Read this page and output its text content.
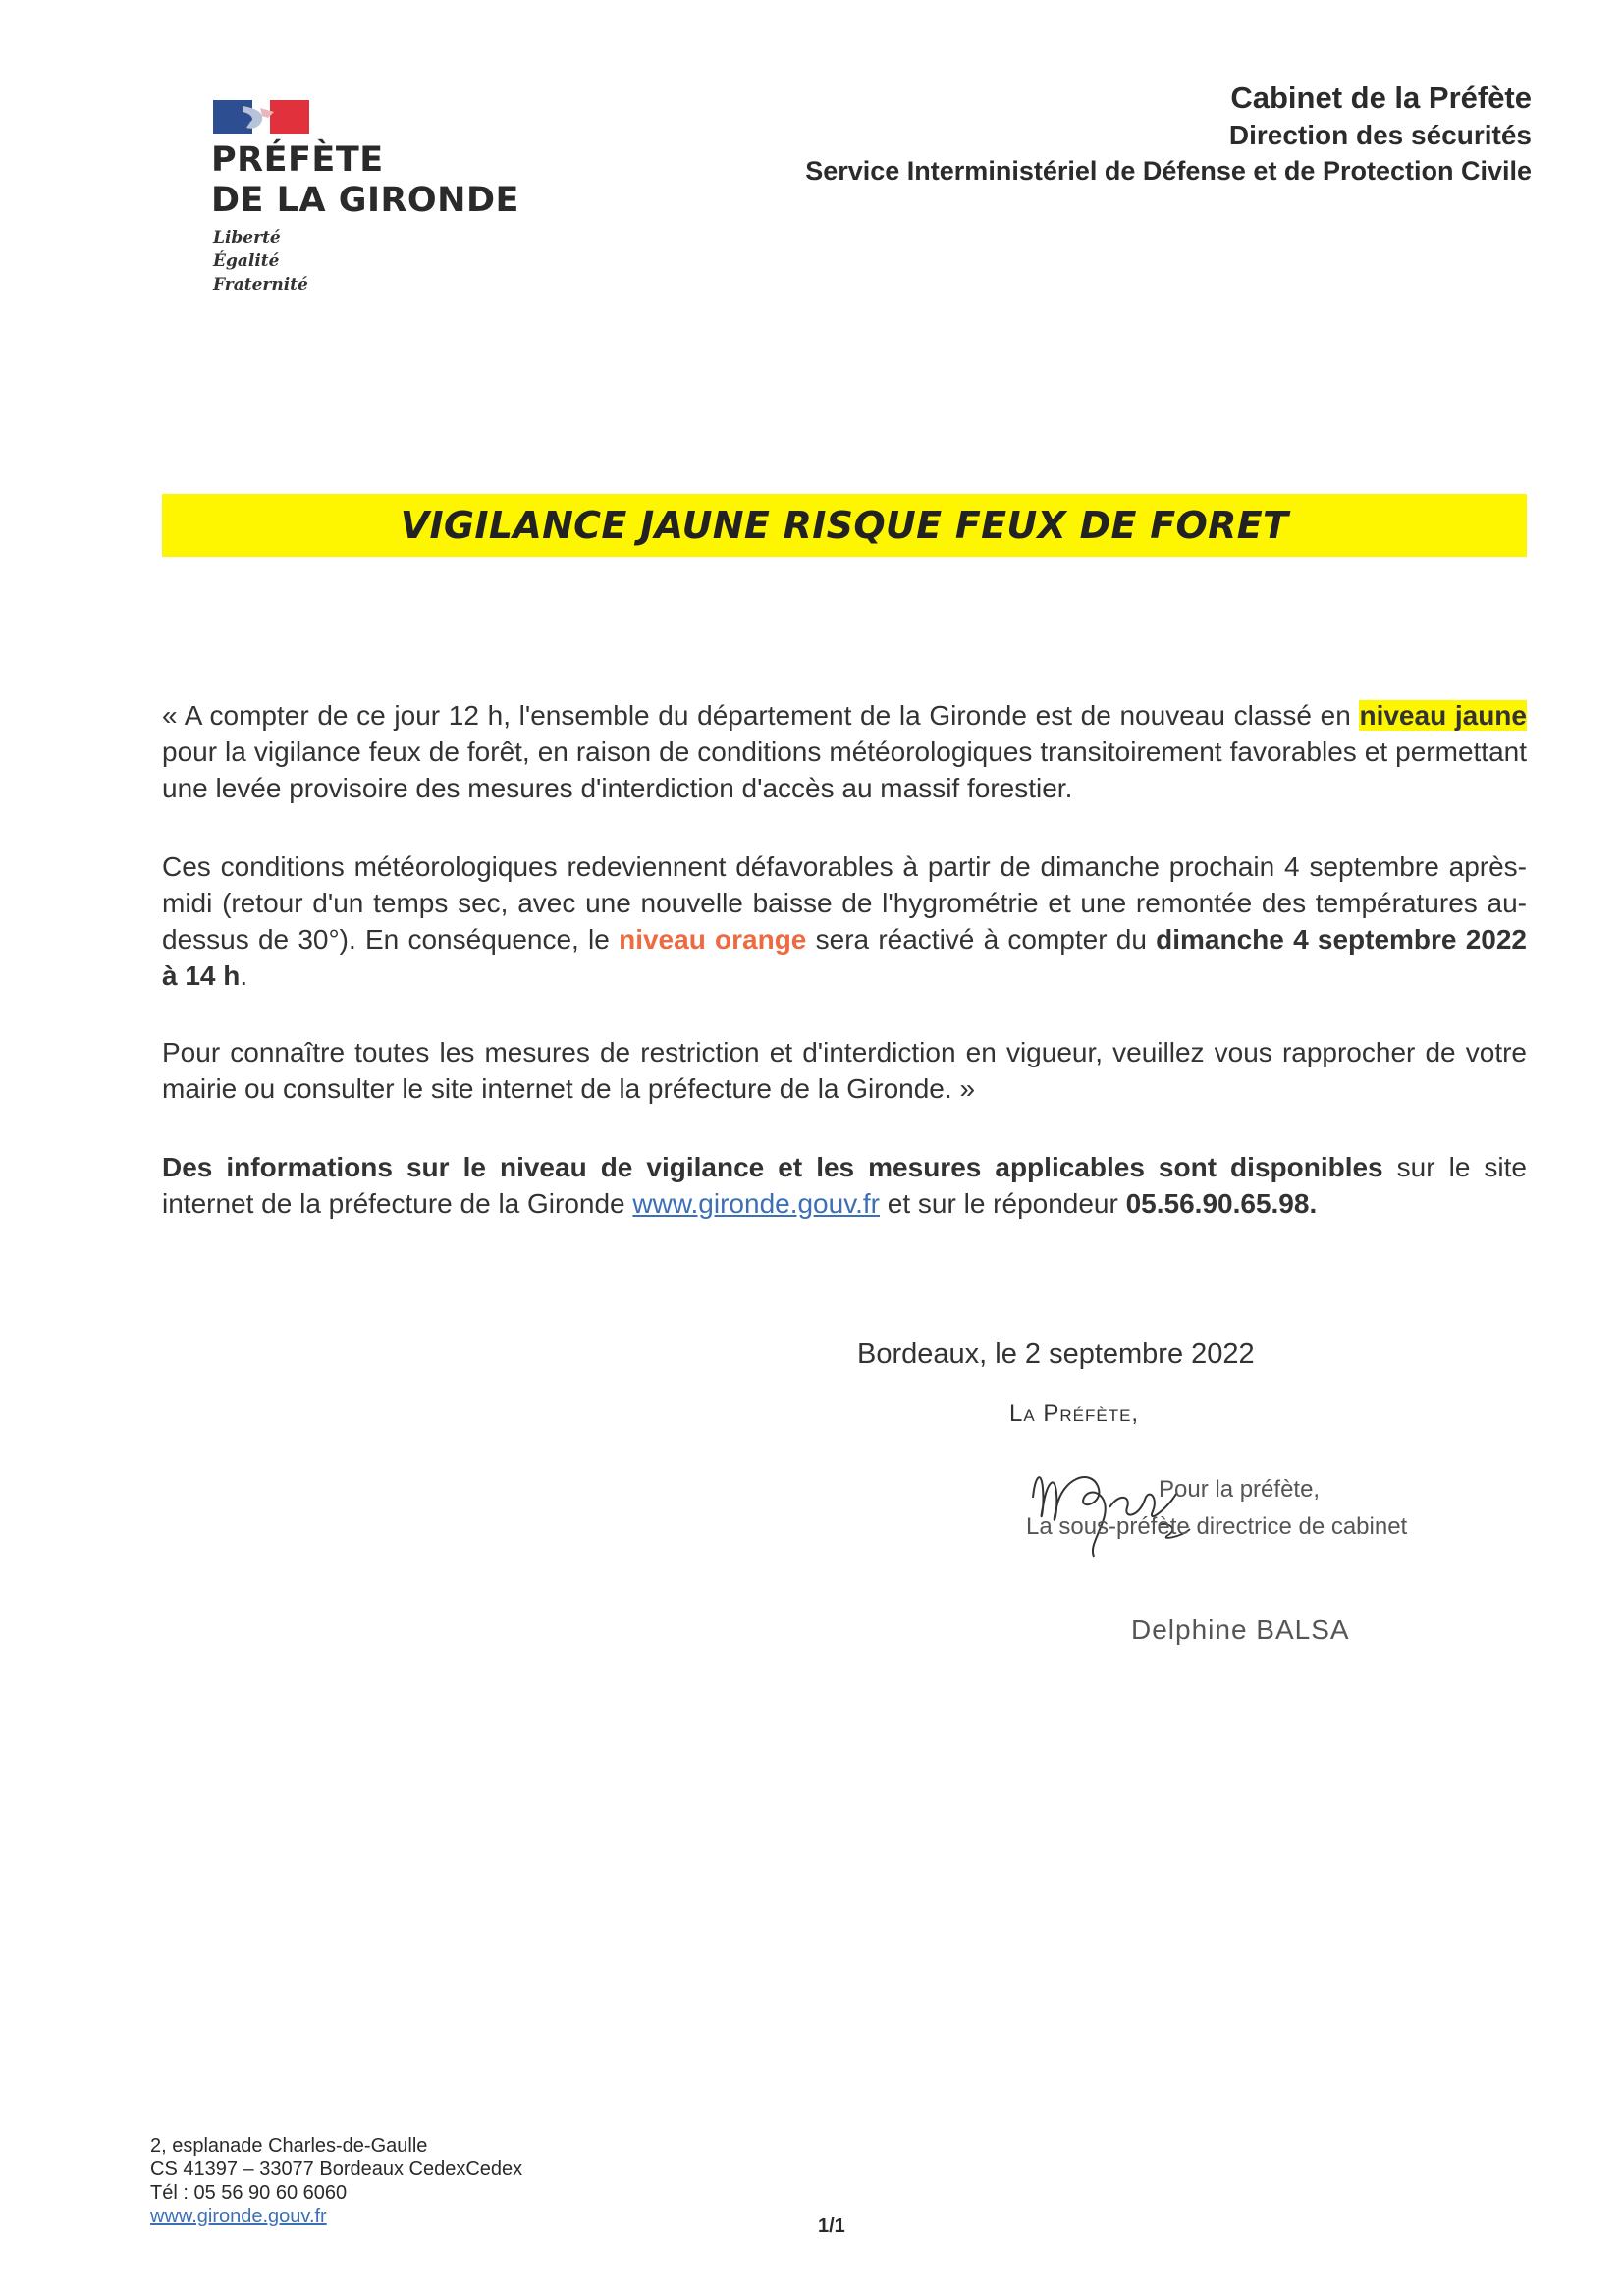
PRÉFÈTE
DE LA GIRONDE
Liberté
Égalité
Fraternité
Cabinet de la Préfète
Direction des sécurités
Service Interministériel de Défense et de Protection Civile
VIGILANCE JAUNE RISQUE FEUX DE FORET
« A compter de ce jour 12 h, l'ensemble du département de la Gironde est de nouveau classé en niveau jaune pour la vigilance feux de forêt, en raison de conditions météorologiques transitoirement favorables et permettant une levée provisoire des mesures d'interdiction d'accès au massif forestier.
Ces conditions météorologiques redeviennent défavorables à partir de dimanche prochain 4 septembre après-midi (retour d'un temps sec, avec une nouvelle baisse de l'hygrométrie et une remontée des températures au-dessus de 30°). En conséquence, le niveau orange sera réactivé à compter du dimanche 4 septembre 2022 à 14 h.
Pour connaître toutes les mesures de restriction et d'interdiction en vigueur, veuillez vous rapprocher de votre mairie ou consulter le site internet de la préfecture de la Gironde. »
Des informations sur le niveau de vigilance et les mesures applicables sont disponibles sur le site internet de la préfecture de la Gironde www.gironde.gouv.fr et sur le répondeur 05.56.90.65.98.
Bordeaux, le 2 septembre 2022
La Préfète,
Pour la préfète,
La sous-préfète directrice de cabinet
Delphine BALSA
2, esplanade Charles-de-Gaulle
CS 41397 – 33077 Bordeaux CedexCedex
Tél : 05 56 90 60 6060
www.gironde.gouv.fr	1/1
